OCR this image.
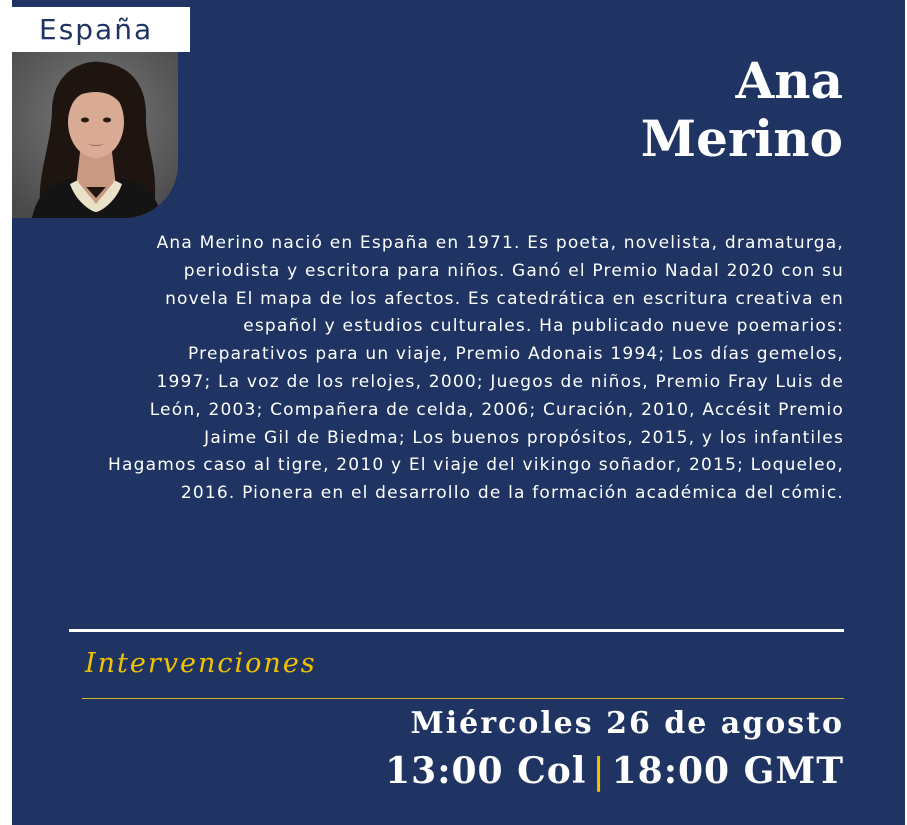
España
Ana
Merino
Ana Merino nació en España en 1971. Es poeta, novelista, dramaturga,
periodista y escritora para niños. Ganó el Premio Nadal 2020 con su
novela El mapa de los afectos. Es catedrática en escritura creativa en
español y estudios culturales. Ha publicado nueve poemarios:
Preparativos para un viaje, Premio Adonais 1994; Los días gemelos,
1997; La voz de los relojes, 2000; Juegos de niños, Premio Fray Luis de
León, 2003; Compañera de celda, 2006; Curación, 2010, Accésit Premio
Jaime Gil de Biedma; Los buenos propósitos, 2015, y los infantiles
Hagamos caso al tigre, 2010 y El viaje del vikingo soñador, 2015; Loqueleo,
2016. Pionera en el desarrollo de la formación académica del cómic.
Intervenciones
Miércoles 26 de agosto
13:00 Col | 18:00 GMT
